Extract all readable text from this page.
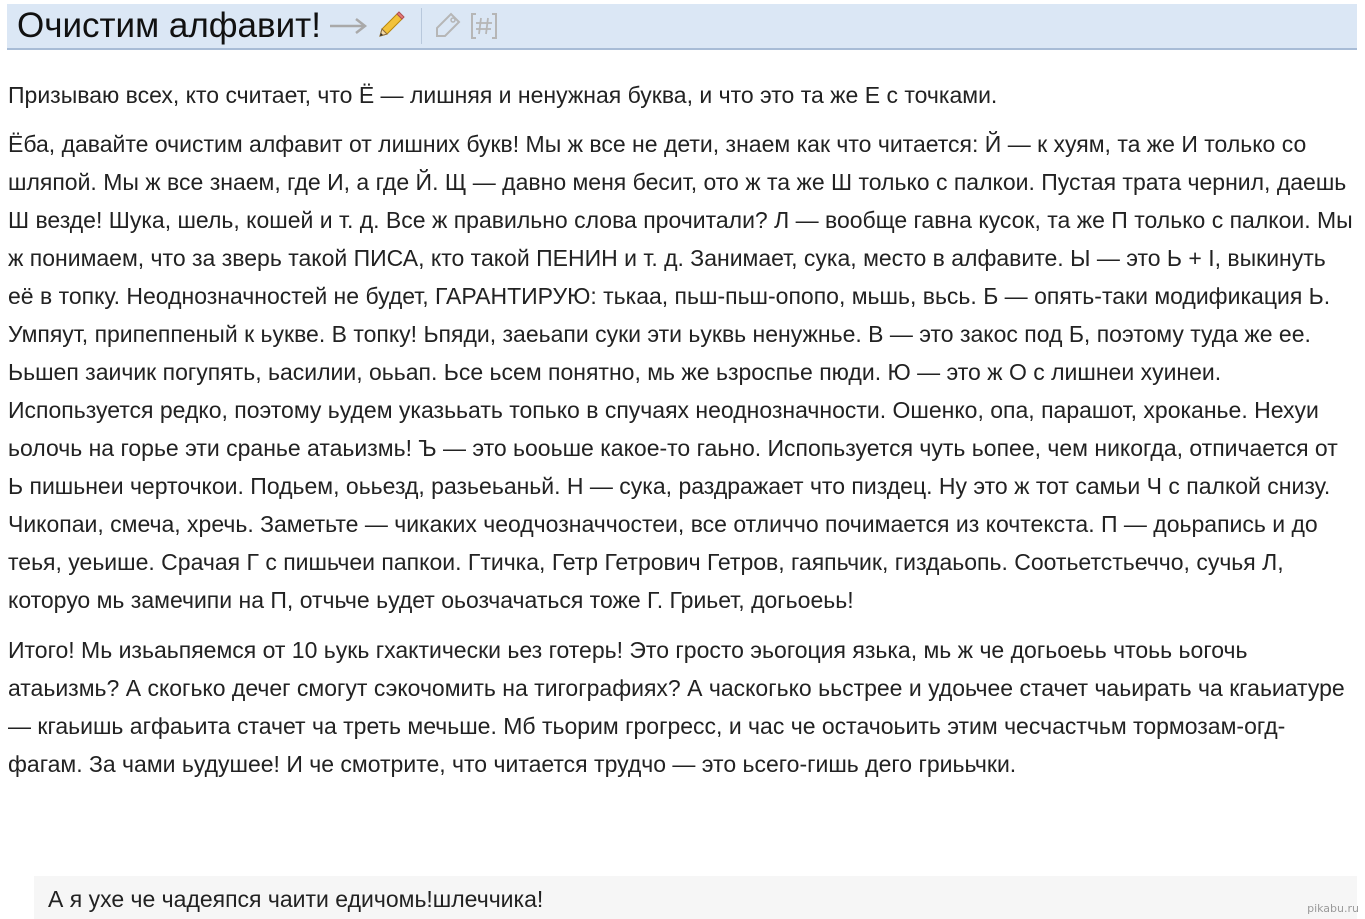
Очистим алфавит!

Призываю всех, кто считает, что Ё — лишняя и ненужная буква, и что это та же Е с точками.

Ёба, давайте очистим алфавит от лишних букв! Мы ж все не дети, знаем как что читается: Й — к хуям, та же И только со шляпой. Мы ж все знаем, где И, а где Й. Щ — давно меня бесит, ото ж та же Ш только с палкои. Пустая трата чернил, даешь Ш везде! Шука, шель, кошей и т. д. Все ж правильно слова прочитали? Л — вообще гавна кусок, та же П только с палкои. Мы ж понимаем, что за зверь такой ПИСА, кто такой ПЕНИН и т. д. Занимает, сука, место в алфавите. Ы — это Ь + І, выкинуть её в топку. Неоднозначностей не будет, ГАРАНТИРУЮ: тькаа, пьш-пьш-опопо, мьшь, вьсь. Б — опять-таки модификация Ь. Умпяут, припеппеный к ьукве. В топку! Ьпяди, заеьапи суки эти ьуквь ненужнье. В — это закос под Б, поэтому туда же ее. Ььшеп заичик погупять, ьасилии, оььап. Ьсе ьсем понятно, мь же ьзроспье пюди. Ю — это ж О с лишнеи хуинеи. Испопьзуется редко, поэтому ьудем указььать топько в спучаях неоднозначности. Ошенко, опа, парашот, хроканье. Нехуи ьолочь на горье эти сранье атаьизмь! Ъ — это ьоoьше какое-то гаьно. Испопьзуется чуть ьопее, чем никогда, отпичается от Ь пишьнеи черточкои. Подьем, оььезд, разьеьаньй. Н — сука, раздражает что пиздец. Ну это ж тот самьи Ч с палкой снизу. Чикопаи, смеча, хречь. Заметьте — чикаких чеодчозначчостеи, все отличчо почимается из кочтекста. П — доьрапись и до теья, уеьише. Срачая Г с пишьчеи папкои. Гтичка, Гетр Гетрович Гетров, гаяпьчик, гиздаьопь. Соотьетстьеччо, сучья Л, которуо мь замечипи на П, отчьче ьудет оьозчачаться тоже Г. Гриьет, догьоеьь!

Итого! Мь изьаьпяемся от 10 ьукь гхактически ьез готерь! Это гросто эьогоция язька, мь ж че догьоеьь чтоьь ьогочь атаьизмь? А скогько дечег смогут сэкочомить на тигографиях? А часкогько ььстрее и удоьчее стачет чаьирать ча кгаьиатуре — кгаьишь агфаьита стачет ча треть мечьше. Мб тьорим грогресс, и час че остачоьить этим чесчастчьм тормозам-огд-фагам. За чами ьудушее! И че смотрите, что читается трудчо — это ьсего-гишь дего гриььчки.

А я ухе че чадеяпся чаити едичомь!шлеччика!	pikabu.ru
